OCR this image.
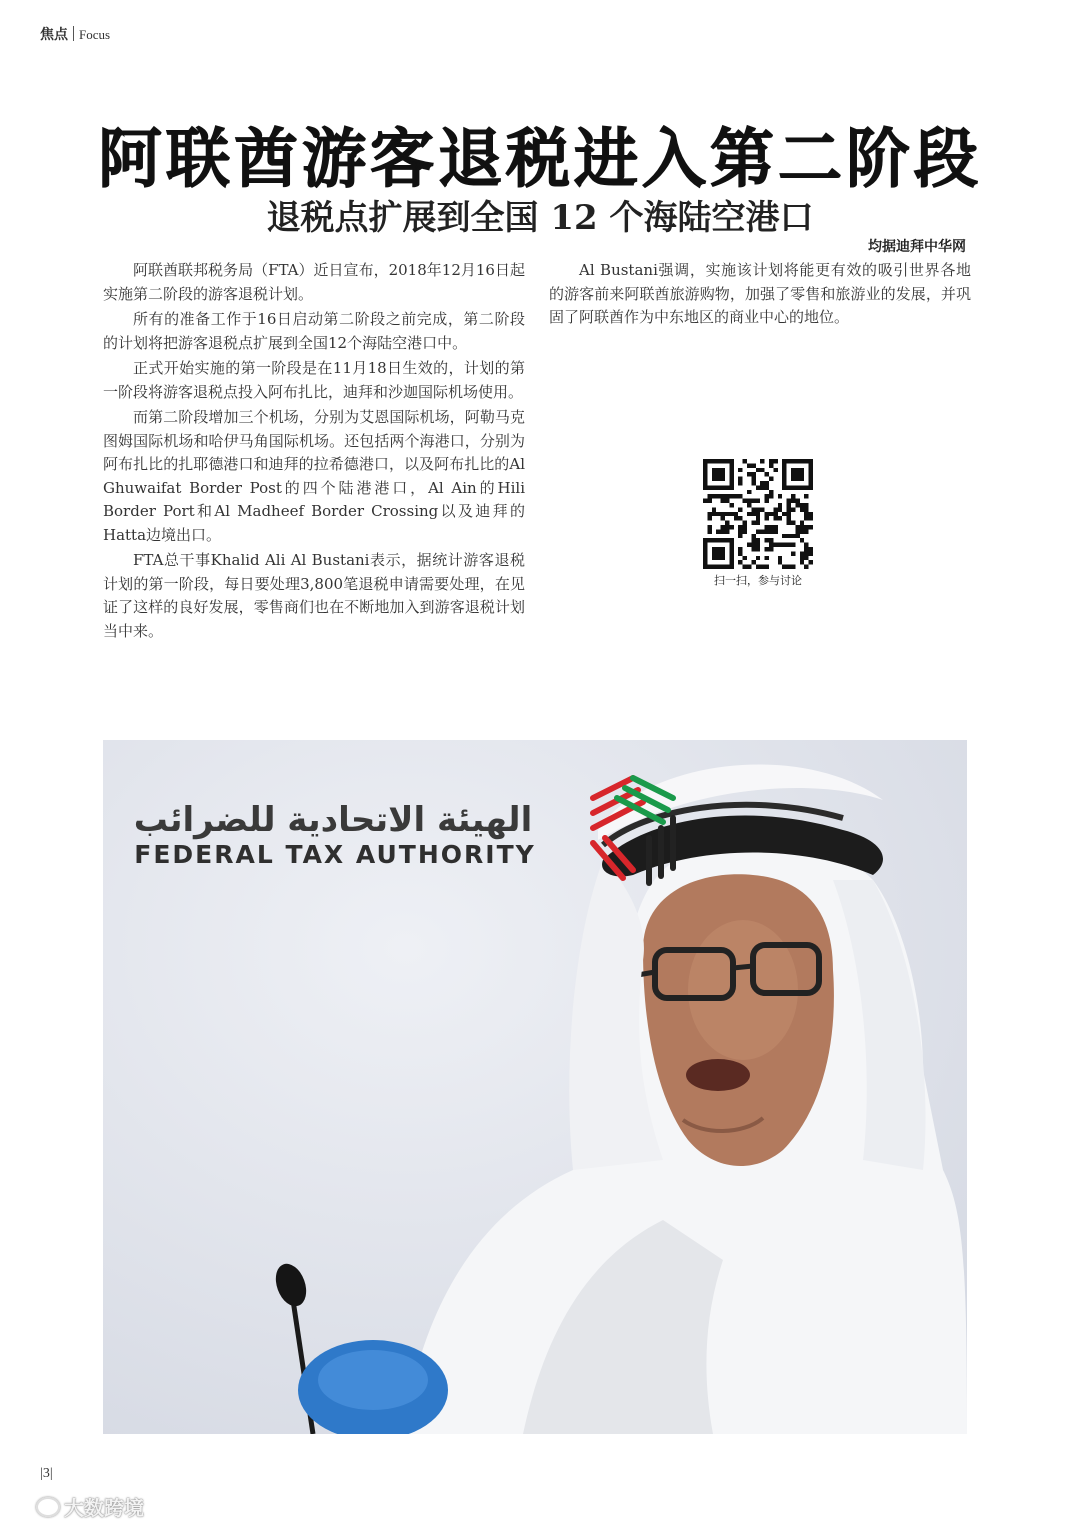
焦点 Focus
阿联酋游客退税进入第二阶段
退税点扩展到全国 12 个海陆空港口
均据迪拜中华网

阿联酋联邦税务局（FTA）近日宣布，2018年12月16日起实施第二阶段的游客退税计划。

所有的准备工作于16日启动第二阶段之前完成，第二阶段的计划将把游客退税点扩展到全国12个海陆空港口中。

正式开始实施的第一阶段是在11月18日生效的，计划的第一阶段将游客退税点投入阿布扎比，迪拜和沙迦国际机场使用。

而第二阶段增加三个机场，分别为艾恩国际机场，阿勒马克图姆国际机场和哈伊马角国际机场。还包括两个海港口，分别为阿布扎比的扎耶德港口和迪拜的拉希德港口，以及阿布扎比的Al Ghuwaifat Border Post的四个陆港港口，Al Ain的Hili Border Port和Al Madheef Border Crossing以及迪拜的Hatta边境出口。

FTA总干事Khalid Ali Al Bustani表示，据统计游客退税计划的第一阶段，每日要处理3,800笔退税申请需要处理，在见证了这样的良好发展，零售商们也在不断地加入到游客退税计划当中来。

Al Bustani强调，实施该计划将能更有效的吸引世界各地的游客前来阿联酋旅游购物，加强了零售和旅游业的发展，并巩固了阿联酋作为中东地区的商业中心的地位。

扫一扫，参与讨论
الهيئة الاتحادية للضرائب
FEDERAL TAX AUTHORITY
|3|
大数跨境
